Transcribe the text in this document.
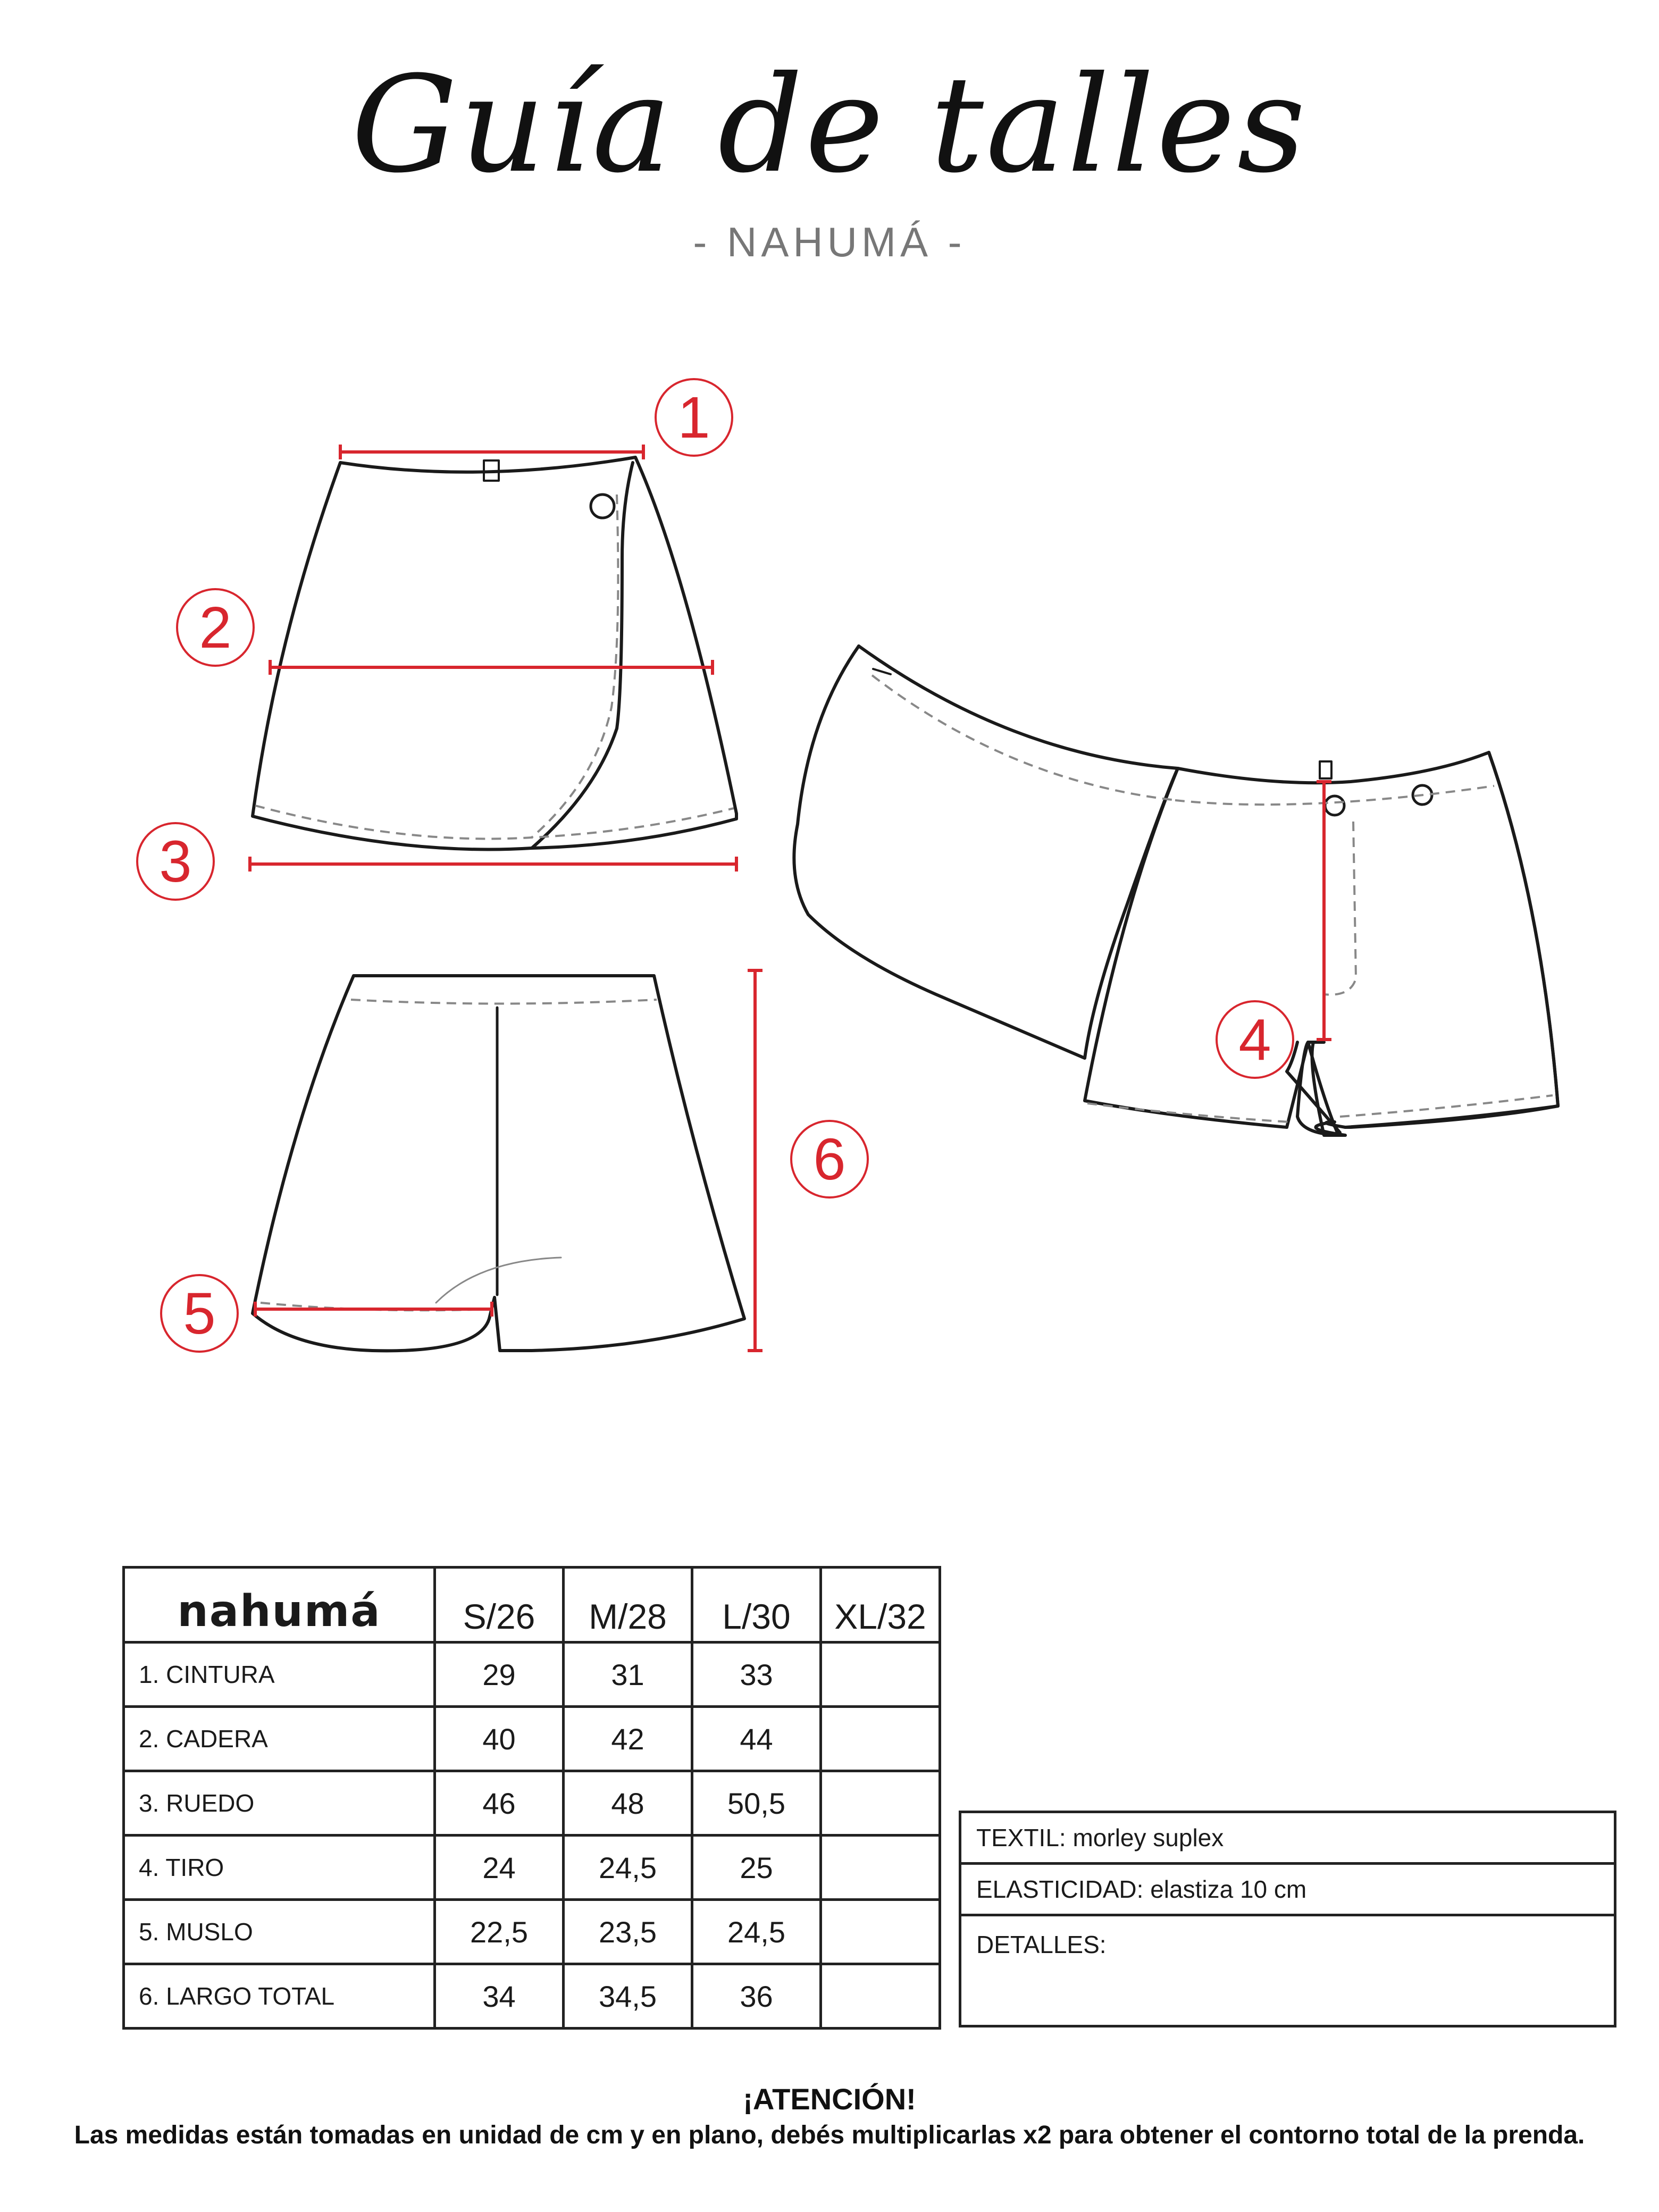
Guía de talles
- NAHUMÁ -
1
2
3
4
5
6
nahumá	S/26	M/28	L/30	XL/32
1. CINTURA	29	31	33	
2. CADERA	40	42	44	
3. RUEDO	46	48	50,5	
4. TIRO	24	24,5	25	
5. MUSLO	22,5	23,5	24,5	
6. LARGO TOTAL	34	34,5	36	
TEXTIL: morley suplex
ELASTICIDAD: elastiza 10 cm
DETALLES:
¡ATENCIÓN!
Las medidas están tomadas en unidad de cm y en plano, debés multiplicarlas x2 para obtener el contorno total de la prenda.
